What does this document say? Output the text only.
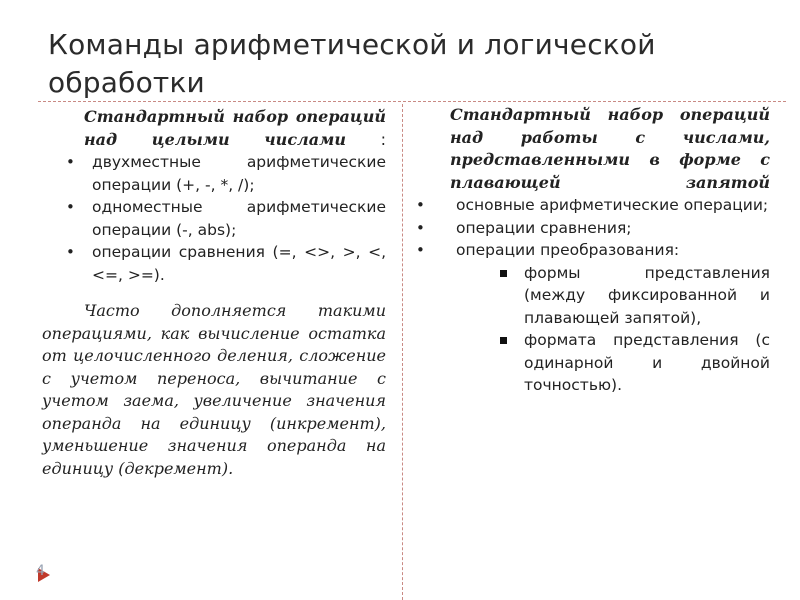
Команды арифметической и логической обработки

Стандартный набор операций над целыми числами :

• двухместные арифметические операции (+, -, *, /);
• одноместные арифметические операции (-, abs);
• операции сравнения (=, <>, >, <, <=, >=).

Часто дополняется такими операциями, как вычисление остатка от целочисленного деления, сложение с учетом переноса, вычитание с учетом заема, увеличение значения операнда на единицу (инкремент), уменьшение значения операнда на единицу (декремент).

Стандартный набор операций над работы с числами, представленными в форме с плавающей запятой

• основные арифметические операции;
• операции сравнения;
• операции преобразования:
формы представления (между фиксированной и плавающей запятой),
формата представления (с одинарной и двойной точностью).
4
